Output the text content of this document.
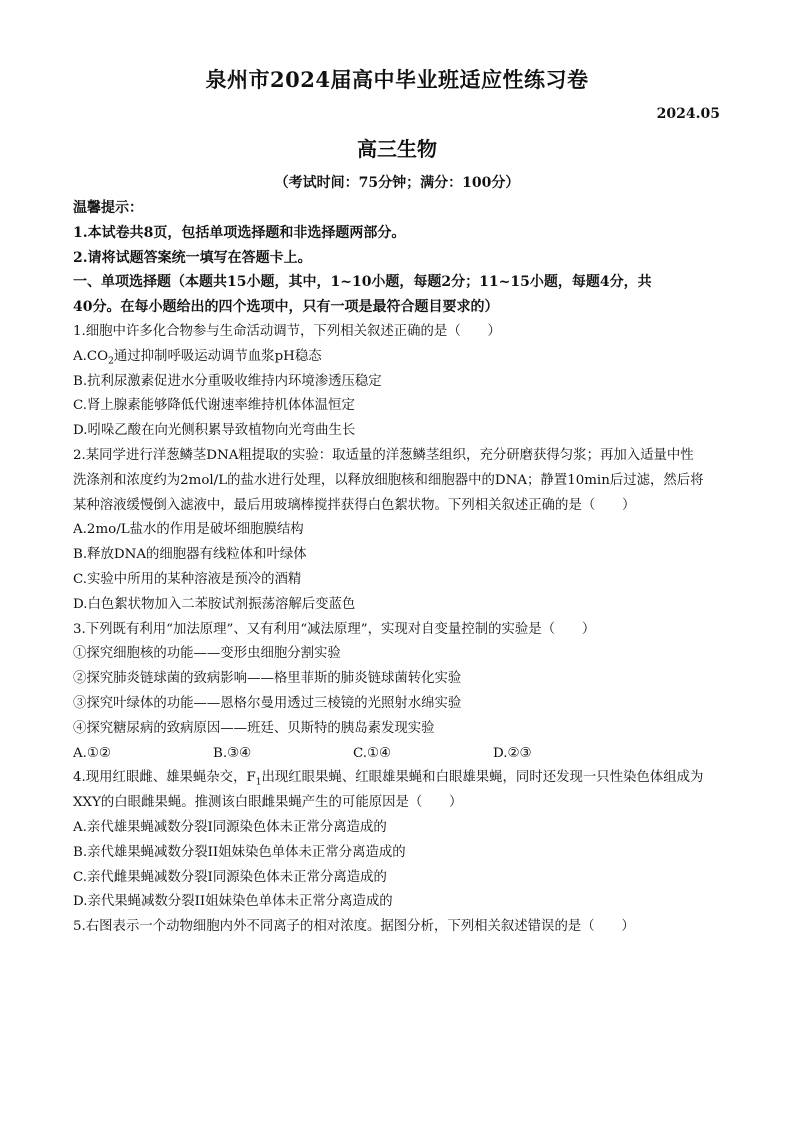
泉州市2024届高中毕业班适应性练习卷
2024.05
高三生物
（考试时间：75分钟；满分：100分）
温馨提示：
1.本试卷共8页，包括单项选择题和非选择题两部分。
2.请将试题答案统一填写在答题卡上。
一、单项选择题（本题共15小题，其中，1~10小题，每题2分；11~15小题，每题4分，共
40分。在每小题给出的四个选项中，只有一项是最符合题目要求的）
1.细胞中许多化合物参与生命活动调节，下列相关叙述正确的是（　　）
$A.CO_2$通过抑制呼吸运动调节血浆pH稳态
B.抗利尿激素促进水分重吸收维持内环境渗透压稳定
C.肾上腺素能够降低代谢速率维持机体体温恒定
D.吲哚乙酸在向光侧积累导致植物向光弯曲生长
2.某同学进行洋葱鳞茎DNA粗提取的实验：取适量的洋葱鳞茎组织，充分研磨获得匀浆；再加入适量中性
洗涤剂和浓度约为2mol/L的盐水进行处理，以释放细胞核和细胞器中的DNA；静置10min后过滤，然后将
某种溶液缓慢倒入滤液中，最后用玻璃棒搅拌获得白色絮状物。下列相关叙述正确的是（　　）
A.2mo/L盐水的作用是破坏细胞膜结构
B.释放DNA的细胞器有线粒体和叶绿体
C.实验中所用的某种溶液是预冷的酒精
D.白色絮状物加入二苯胺试剂振荡溶解后变蓝色
3.下列既有利用“加法原理”、又有利用“减法原理”，实现对自变量控制的实验是（　　）
①探究细胞核的功能——变形虫细胞分割实验
②探究肺炎链球菌的致病影响——格里菲斯的肺炎链球菌转化实验
③探究叶绿体的功能——恩格尔曼用透过三棱镜的光照射水绵实验
④探究糖尿病的致病原因——班廷、贝斯特的胰岛素发现实验
A.①②	B.③④	C.①④	D.②③
4.现用红眼雌、雄果蝇杂交，$F_1$出现红眼果蝇、红眼雄果蝇和白眼雄果蝇，同时还发现一只性染色体组成为
XXY的白眼雌果蝇。推测该白眼雌果蝇产生的可能原因是（　　）
A.亲代雄果蝇减数分裂I同源染色体未正常分离造成的
B.亲代雄果蝇减数分裂II姐妹染色单体未正常分离造成的
C.亲代雌果蝇减数分裂I同源染色体未正常分离造成的
D.亲代果蝇减数分裂II姐妹染色单体未正常分离造成的
5.右图表示一个动物细胞内外不同离子的相对浓度。据图分析，下列相关叙述错误的是（　　）
